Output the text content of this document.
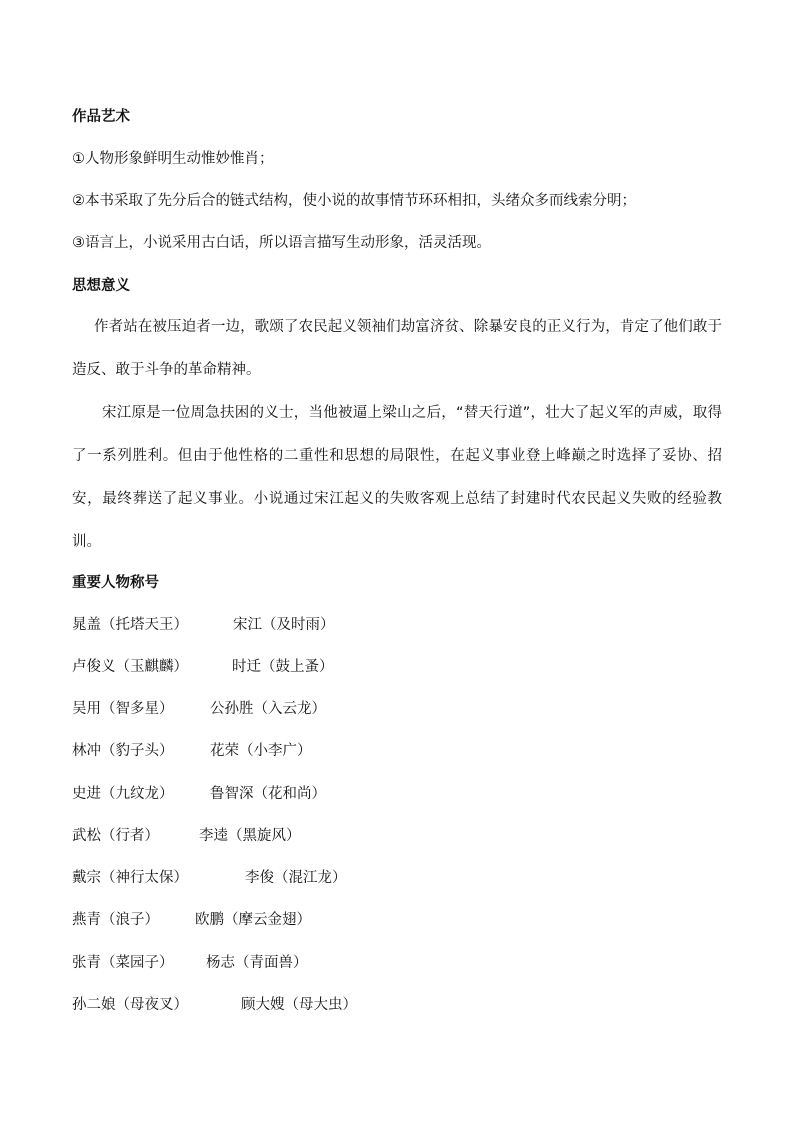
作品艺术
①人物形象鲜明生动惟妙惟肖；
②本书采取了先分后合的链式结构，使小说的故事情节环环相扣，头绪众多而线索分明；
③语言上，小说采用古白话，所以语言描写生动形象，活灵活现。
思想意义
作者站在被压迫者一边，歌颂了农民起义领袖们劫富济贫、除暴安良的正义行为，肯定了他们敢于造反、敢于斗争的革命精神。
宋江原是一位周急扶困的义士，当他被逼上梁山之后，“替天行道”，壮大了起义军的声威，取得了一系列胜利。但由于他性格的二重性和思想的局限性，在起义事业登上峰巅之时选择了妥协、招安，最终葬送了起义事业。小说通过宋江起义的失败客观上总结了封建时代农民起义失败的经验教训。
重要人物称号
晁盖（托塔天王）	宋江（及时雨）
卢俊义（玉麒麟）	时迁（鼓上蚤）
吴用（智多星）	公孙胜（入云龙）
林冲（豹子头）	花荣（小李广）
史进（九纹龙）	鲁智深（花和尚）
武松（行者）	李逵（黑旋风）
戴宗（神行太保）	李俊（混江龙）
燕青（浪子） 欧鹏（摩云金翅）
张青（菜园子） 杨志（青面兽）
孙二娘（母夜叉）	顾大嫂（母大虫）
